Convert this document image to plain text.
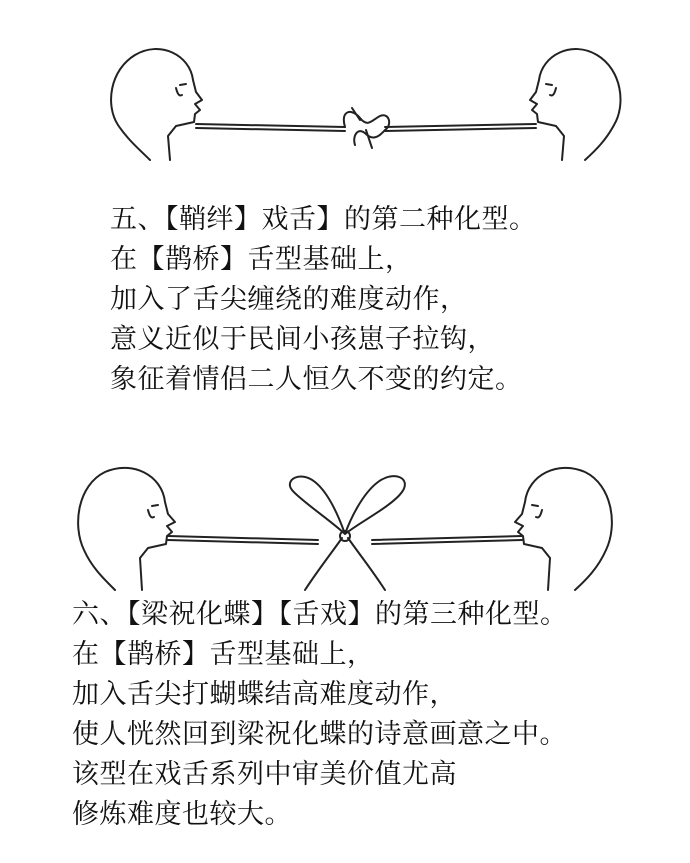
五、【鞘绊】戏舌】的第二种化型。
在【鹊桥】舌型基础上，
加入了舌尖缠绕的难度动作，
意义近似于民间小孩崽子拉钩，
象征着情侣二人恒久不变的约定。
六、【梁祝化蝶】【舌戏】的第三种化型。
在【鹊桥】舌型基础上，
加入舌尖打蝴蝶结高难度动作，
使人恍然回到梁祝化蝶的诗意画意之中。
该型在戏舌系列中审美价值尤高
修炼难度也较大。
